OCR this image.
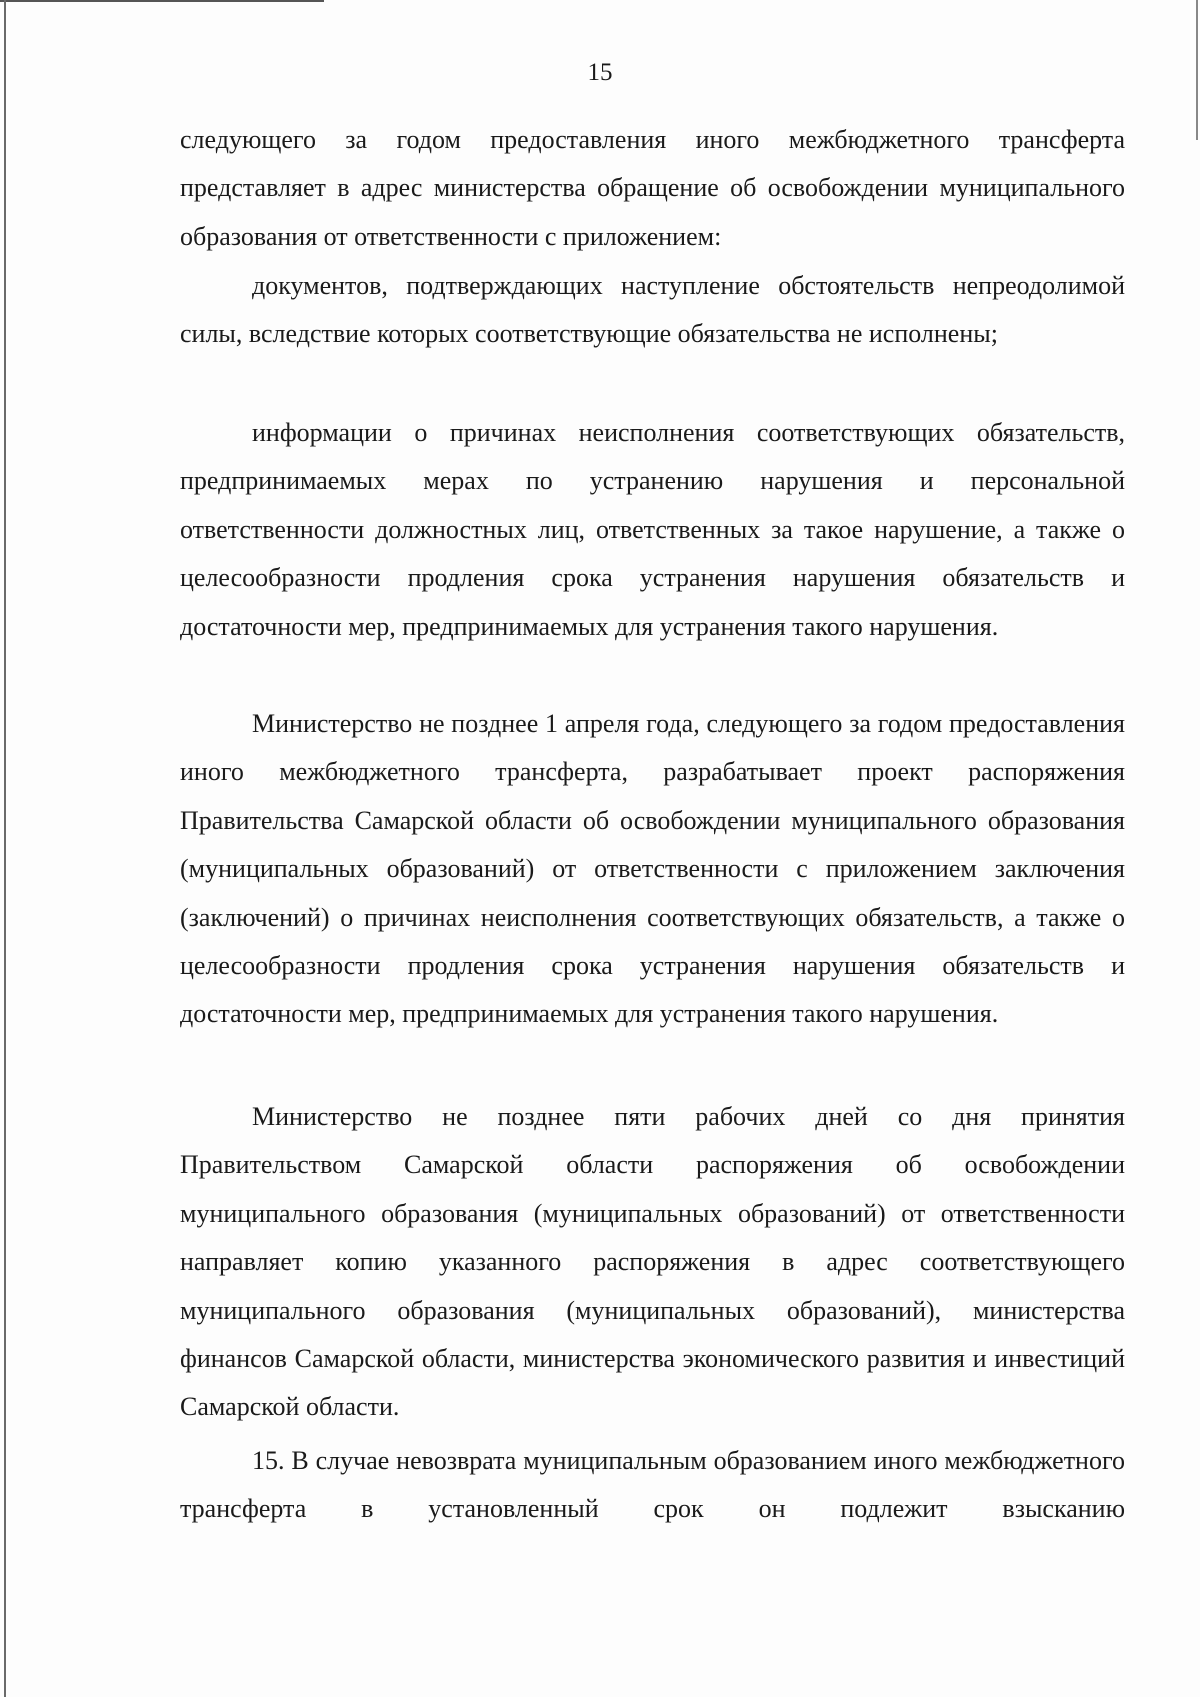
15

следующего за годом предоставления иного межбюджетного трансферта представляет в адрес министерства обращение об освобождении муниципального образования от ответственности с приложением:

документов, подтверждающих наступление обстоятельств непреодолимой силы, вследствие которых соответствующие обязательства не исполнены;

информации о причинах неисполнения соответствующих обязательств, предпринимаемых мерах по устранению нарушения и персональной ответственности должностных лиц, ответственных за такое нарушение, а также о целесообразности продления срока устранения нарушения обязательств и достаточности мер, предпринимаемых для устранения такого нарушения.

Министерство не позднее 1 апреля года, следующего за годом предоставления иного межбюджетного трансферта, разрабатывает проект распоряжения Правительства Самарской области об освобождении муниципального образования (муниципальных образований) от ответственности с приложением заключения (заключений) о причинах неисполнения соответствующих обязательств, а также о целесообразности продления срока устранения нарушения обязательств и достаточности мер, предпринимаемых для устранения такого нарушения.

Министерство не позднее пяти рабочих дней со дня принятия Правительством Самарской области распоряжения об освобождении муниципального образования (муниципальных образований) от ответственности направляет копию указанного распоряжения в адрес соответствующего муниципального образования (муниципальных образований), министерства финансов Самарской области, министерства экономического развития и инвестиций Самарской области.

15. В случае невозврата муниципальным образованием иного межбюджетного трансферта в установленный срок он подлежит взысканию
